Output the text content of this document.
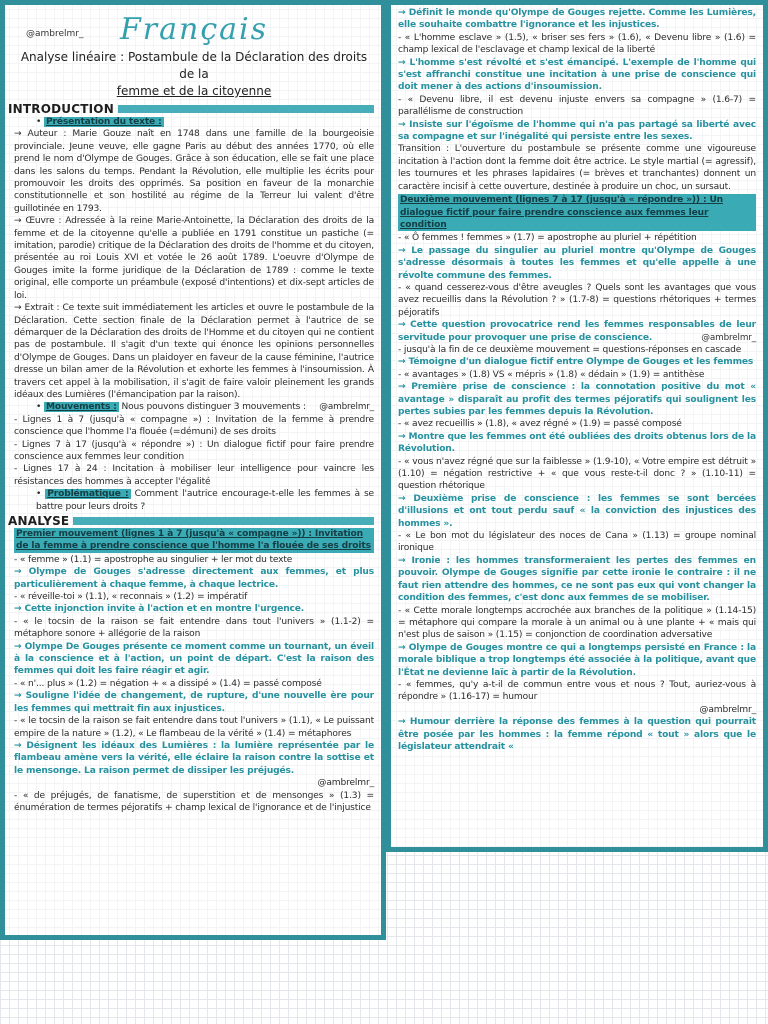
@ambrelmr_	Français
Analyse linéaire : Postambule de la Déclaration des droits de la
femme et de la citoyenne
INTRODUCTION

• Présentation du texte :

→ Auteur : Marie Gouze naît en 1748 dans une famille de la bourgeoisie provinciale. Jeune veuve, elle gagne Paris au début des années 1770, où elle prend le nom d'Olympe de Gouges. Grâce à son éducation, elle se fait une place dans les salons du temps. Pendant la Révolution, elle multiplie les écrits pour promouvoir les droits des opprimés. Sa position en faveur de la monarchie constitutionnelle et son hostilité au régime de la Terreur lui valent d'être guillotinée en 1793.

→ Œuvre : Adressée à la reine Marie-Antoinette, la Déclaration des droits de la femme et de la citoyenne qu'elle a publiée en 1791 constitue un pastiche (= imitation, parodie) critique de la Déclaration des droits de l'homme et du citoyen, présentée au roi Louis XVI et votée le 26 août 1789. L'oeuvre d'Olympe de Gouges imite la forme juridique de la Déclaration de 1789 : comme le texte original, elle comporte un préambule (exposé d'intentions) et dix-sept articles de loi.

→ Extrait : Ce texte suit immédiatement les articles et ouvre le postambule de la Déclaration. Cette section finale de la Déclaration permet à l'autrice de se démarquer de la Déclaration des droits de l'Homme et du citoyen qui ne contient pas de postambule. Il s'agit d'un texte qui énonce les opinions personnelles d'Olympe de Gouges. Dans un plaidoyer en faveur de la cause féminine, l'autrice dresse un bilan amer de la Révolution et exhorte les femmes à l'insoumission. À travers cet appel à la mobilisation, il s'agit de faire valoir pleinement les grands idéaux des Lumières (l'émancipation par la raison).

• Mouvements : Nous pouvons distinguer 3 mouvements : @ambrelmr_

- Lignes 1 à 7 (jusqu'à « compagne ») : Invitation de la femme à prendre conscience que l'homme l'a flouée (=démuni) de ses droits

- Lignes 7 à 17 (jusqu'à « répondre ») : Un dialogue fictif pour faire prendre conscience aux femmes leur condition

- Lignes 17 à 24 : Incitation à mobiliser leur intelligence pour vaincre les résistances des hommes à accepter l'égalité

• Problématique : Comment l'autrice encourage-t-elle les femmes à se battre pour leurs droits ?

ANALYSE
Premier mouvement (lignes 1 à 7 (jusqu'à « compagne »)) : Invitation de la femme à prendre conscience que l'homme l'a flouée de ses droits

- « femme » (1.1) = apostrophe au singulier + ler mot du texte

→ Olympe de Gouges s'adresse directement aux femmes, et plus particulièrement à chaque femme, à chaque lectrice.

- « réveille-toi » (1.1), « reconnais » (1.2) = impératif

→ Cette injonction invite à l'action et en montre l'urgence.

- « le tocsin de la raison se fait entendre dans tout l'univers » (1.1-2) = métaphore sonore + allégorie de la raison

→ Olympe De Gouges présente ce moment comme un tournant, un éveil à la conscience et à l'action, un point de départ. C'est la raison des femmes qui doit les faire réagir et agir.

- « n'... plus » (1.2) = négation + « a dissipé » (1.4) = passé composé

→ Souligne l'idée de changement, de rupture, d'une nouvelle ère pour les femmes qui mettrait fin aux injustices.

- « le tocsin de la raison se fait entendre dans tout l'univers » (1.1), « Le puissant empire de la nature » (1.2), « Le flambeau de la vérité » (1.4) = métaphores

→ Désignent les idéaux des Lumières : la lumière représentée par le flambeau amène vers la vérité, elle éclaire la raison contre la sottise et le mensonge. La raison permet de dissiper les préjugés.

@ambrelmr_

- « de préjugés, de fanatisme, de superstition et de mensonges » (1.3) = énumération de termes péjoratifs + champ lexical de l'ignorance et de l'injustice

→ Définit le monde qu'Olympe de Gouges rejette. Comme les Lumières, elle souhaite combattre l'ignorance et les injustices.

- « L'homme esclave » (1.5), « briser ses fers » (1.6), « Devenu libre » (1.6) = champ lexical de l'esclavage et champ lexical de la liberté

→ L'homme s'est révolté et s'est émancipé. L'exemple de l'homme qui s'est affranchi constitue une incitation à une prise de conscience qui doit mener à des actions d'insoumission.

- « Devenu libre, il est devenu injuste envers sa compagne » (1.6-7) = parallélisme de construction

→ Insiste sur l'égoïsme de l'homme qui n'a pas partagé sa liberté avec sa compagne et sur l'inégalité qui persiste entre les sexes.

Transition : L'ouverture du postambule se présente comme une vigoureuse incitation à l'action dont la femme doit être actrice. Le style martial (= agressif), les tournures et les phrases lapidaires (= brèves et tranchantes) donnent un caractère incisif à cette ouverture, destinée à produire un choc, un sursaut.

Deuxième mouvement (lignes 7 à 17 (jusqu'à « répondre »)) : Un dialogue fictif pour faire prendre conscience aux femmes leur condition

- « Ô femmes ! femmes » (1.7) = apostrophe au pluriel + répétition

→ Le passage du singulier au pluriel montre qu'Olympe de Gouges s'adresse désormais à toutes les femmes et qu'elle appelle à une révolte commune des femmes.

- « quand cesserez-vous d'être aveugles ? Quels sont les avantages que vous avez recueillis dans la Révolution ? » (1.7-8) = questions rhétoriques + termes péjoratifs

→ Cette question provocatrice rend les femmes responsables de leur servitude pour provoquer une prise de conscience.	@ambrelmr_

- jusqu'à la fin de ce deuxième mouvement = questions-réponses en cascade

→ Témoigne d'un dialogue fictif entre Olympe de Gouges et les femmes

- « avantages » (1.8) VS « mépris » (1.8) « dédain » (1.9) = antithèse

→ Première prise de conscience : la connotation positive du mot « avantage » disparaît au profit des termes péjoratifs qui soulignent les pertes subies par les femmes depuis la Révolution.

- « avez recueillis » (1.8), « avez régné » (1.9) = passé composé

→ Montre que les femmes ont été oubliées des droits obtenus lors de la Révolution.

- « vous n'avez régné que sur la faiblesse » (1.9-10), « Votre empire est détruit » (1.10) = négation restrictive + « que vous reste-t-il donc ? » (1.10-11) = question rhétorique

→ Deuxième prise de conscience : les femmes se sont bercées d'illusions et ont tout perdu sauf « la conviction des injustices des hommes ».

- « Le bon mot du législateur des noces de Cana » (1.13) = groupe nominal ironique

→ Ironie : les hommes transformeraient les pertes des femmes en pouvoir. Olympe de Gouges signifie par cette ironie le contraire : il ne faut rien attendre des hommes, ce ne sont pas eux qui vont changer la condition des femmes, c'est donc aux femmes de se mobiliser.

- « Cette morale longtemps accrochée aux branches de la politique » (1.14-15) = métaphore qui compare la morale à un animal ou à une plante + « mais qui n'est plus de saison » (1.15) = conjonction de coordination adversative

→ Olympe de Gouges montre ce qui a longtemps persisté en France : la morale biblique a trop longtemps été associée à la politique, avant que l'État ne devienne laïc à partir de la Révolution.

- « femmes, qu'y a-t-il de commun entre vous et nous ? Tout, auriez-vous à répondre » (1.16-17) = humour

@ambrelmr_

→ Humour derrière la réponse des femmes à la question qui pourrait être posée par les hommes : la femme répond « tout » alors que le législateur attendrait «
